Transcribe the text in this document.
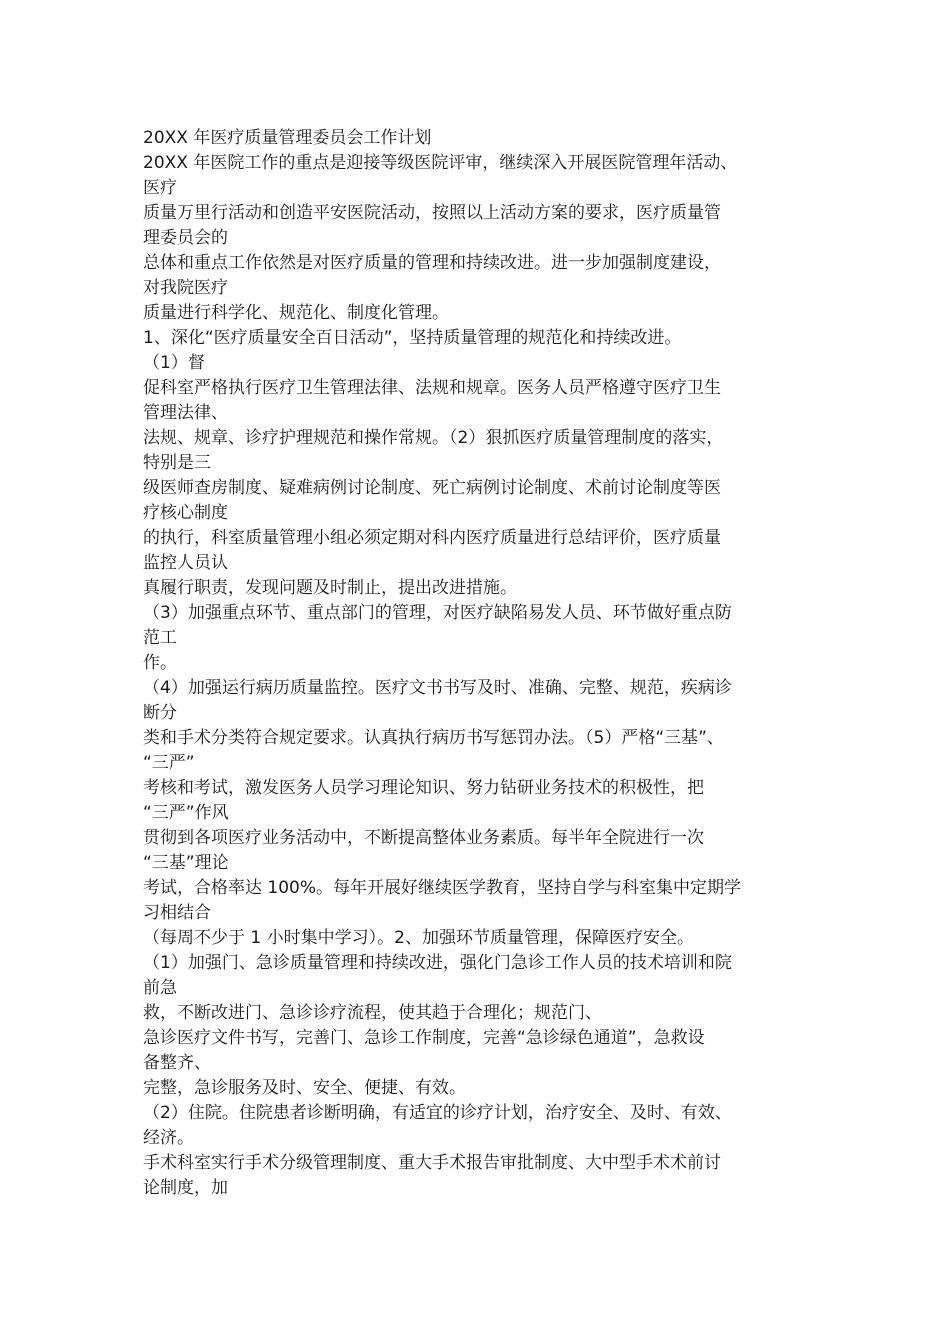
20XX 年医疗质量管理委员会工作计划
20XX 年医院工作的重点是迎接等级医院评审，继续深入开展医院管理年活动、
医疗
质量万里行活动和创造平安医院活动，按照以上活动方案的要求，医疗质量管
理委员会的
总体和重点工作依然是对医疗质量的管理和持续改进。进一步加强制度建设，
对我院医疗
质量进行科学化、规范化、制度化管理。
1、深化“医疗质量安全百日活动”，坚持质量管理的规范化和持续改进。
（1）督
促科室严格执行医疗卫生管理法律、法规和规章。医务人员严格遵守医疗卫生
管理法律、
法规、规章、诊疗护理规范和操作常规。（2）狠抓医疗质量管理制度的落实，
特别是三
级医师查房制度、疑难病例讨论制度、死亡病例讨论制度、术前讨论制度等医
疗核心制度
的执行，科室质量管理小组必须定期对科内医疗质量进行总结评价，医疗质量
监控人员认
真履行职责，发现问题及时制止，提出改进措施。
（3）加强重点环节、重点部门的管理，对医疗缺陷易发人员、环节做好重点防
范工
作。
（4）加强运行病历质量监控。医疗文书书写及时、准确、完整、规范，疾病诊
断分
类和手术分类符合规定要求。认真执行病历书写惩罚办法。（5）严格“三基”、
“三严”
考核和考试，激发医务人员学习理论知识、努力钻研业务技术的积极性，把
“三严”作风
贯彻到各项医疗业务活动中，不断提高整体业务素质。每半年全院进行一次
“三基”理论
考试，合格率达 100%。每年开展好继续医学教育，坚持自学与科室集中定期学
习相结合
（每周不少于 1 小时集中学习）。2、加强环节质量管理，保障医疗安全。
（1）加强门、急诊质量管理和持续改进，强化门急诊工作人员的技术培训和院
前急
救，不断改进门、急诊诊疗流程，使其趋于合理化；规范门、
急诊医疗文件书写，完善门、急诊工作制度，完善“急诊绿色通道”，急救设
备整齐、
完整，急诊服务及时、安全、便捷、有效。
（2）住院。住院患者诊断明确，有适宜的诊疗计划，治疗安全、及时、有效、
经济。
手术科室实行手术分级管理制度、重大手术报告审批制度、大中型手术术前讨
论制度，加
